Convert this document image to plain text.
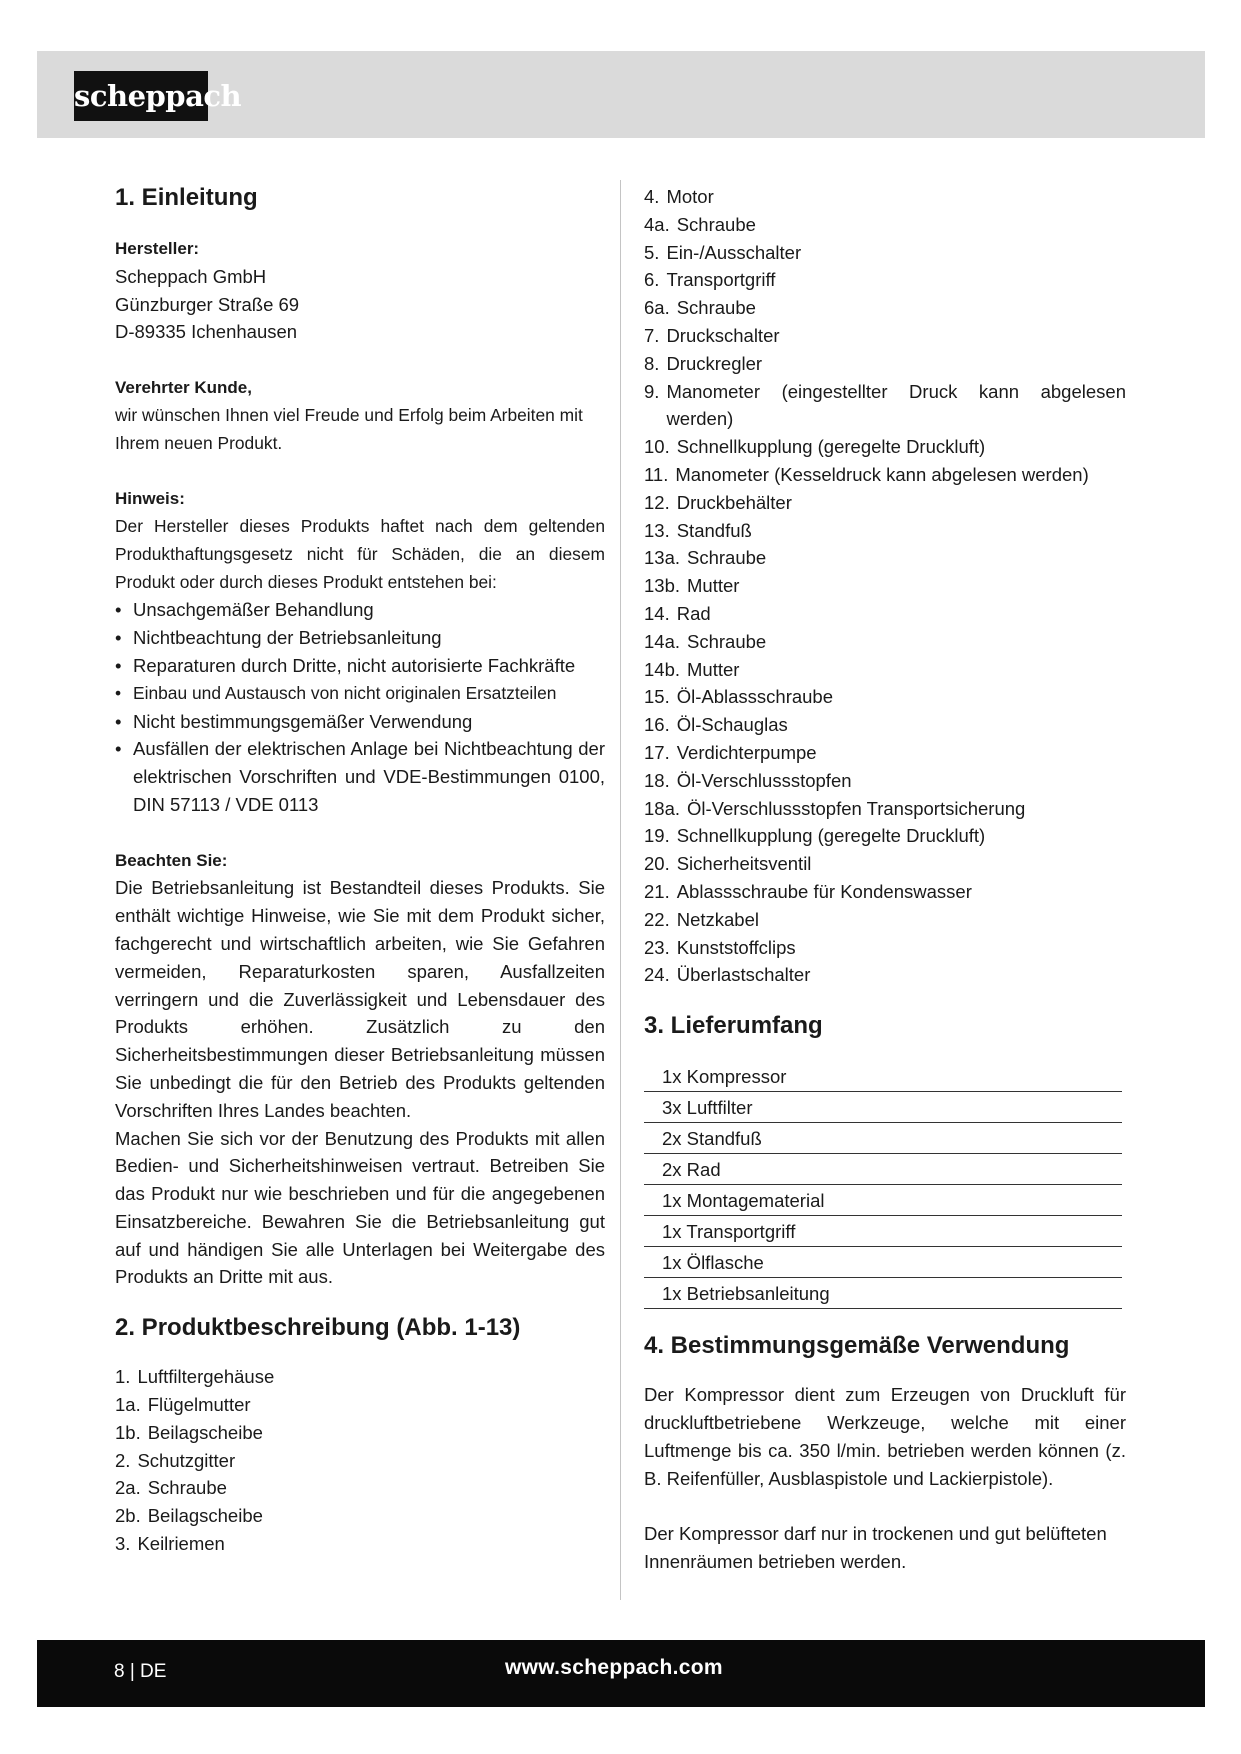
scheppach
1. Einleitung

Hersteller:

Scheppach GmbH

Günzburger Straße 69

D-89335 Ichenhausen

Verehrter Kunde,

wir wünschen Ihnen viel Freude und Erfolg beim Arbeiten mit Ihrem neuen Produkt.

Hinweis:

Der Hersteller dieses Produkts haftet nach dem geltenden Produkthaftungsgesetz nicht für Schäden, die an diesem Produkt oder durch dieses Produkt entstehen bei:

• Unsachgemäßer Behandlung
• Nichtbeachtung der Betriebsanleitung
• Reparaturen durch Dritte, nicht autorisierte Fachkräfte
• Einbau und Austausch von nicht originalen Ersatzteilen
• Nicht bestimmungsgemäßer Verwendung
• Ausfällen der elektrischen Anlage bei Nichtbeachtung der elektrischen Vorschriften und VDE-Bestimmungen 0100, DIN 57113 / VDE 0113

Beachten Sie:

Die Betriebsanleitung ist Bestandteil dieses Produkts. Sie enthält wichtige Hinweise, wie Sie mit dem Produkt sicher, fachgerecht und wirtschaftlich arbeiten, wie Sie Gefahren vermeiden, Reparaturkosten sparen, Ausfallzeiten verringern und die Zuverlässigkeit und Lebensdauer des Produkts erhöhen. Zusätzlich zu den Sicherheitsbestimmungen dieser Betriebsanleitung müssen Sie unbedingt die für den Betrieb des Produkts geltenden Vorschriften Ihres Landes beachten.

Machen Sie sich vor der Benutzung des Produkts mit allen Bedien- und Sicherheitshinweisen vertraut. Betreiben Sie das Produkt nur wie beschrieben und für die angegebenen Einsatzbereiche. Bewahren Sie die Betriebsanleitung gut auf und händigen Sie alle Unterlagen bei Weitergabe des Produkts an Dritte mit aus.

2. Produktbeschreibung (Abb. 1-13)
1. Luftfiltergehäuse
1a. Flügelmutter
1b. Beilagscheibe
2. Schutzgitter
2a. Schraube
2b. Beilagscheibe
3. Keilriemen
4. Motor
4a. Schraube
5. Ein-/Ausschalter
6. Transportgriff
6a. Schraube
7. Druckschalter
8. Druckregler
9. Manometer (eingestellter Druck kann abgelesen werden)
10. Schnellkupplung (geregelte Druckluft)
11. Manometer (Kesseldruck kann abgelesen werden)
12. Druckbehälter
13. Standfuß
13a. Schraube
13b. Mutter
14. Rad
14a. Schraube
14b. Mutter
15. Öl-Ablassschraube
16. Öl-Schauglas
17. Verdichterpumpe
18. Öl-Verschlussstopfen
18a. Öl-Verschlussstopfen Transportsicherung
19. Schnellkupplung (geregelte Druckluft)
20. Sicherheitsventil
21. Ablassschraube für Kondenswasser
22. Netzkabel
23. Kunststoffclips
24. Überlastschalter
3. Lieferumfang
1x Kompressor
3x Luftfilter
2x Standfuß
2x Rad
1x Montagematerial
1x Transportgriff
1x Ölflasche
1x Betriebsanleitung
4. Bestimmungsgemäße Verwendung

Der Kompressor dient zum Erzeugen von Druckluft für druckluftbetriebene Werkzeuge, welche mit einer Luftmenge bis ca. 350 l/min. betrieben werden können (z. B. Reifenfüller, Ausblaspistole und Lackierpistole).

Der Kompressor darf nur in trockenen und gut belüfteten Innenräumen betrieben werden.

8 | DE	www.scheppach.com
